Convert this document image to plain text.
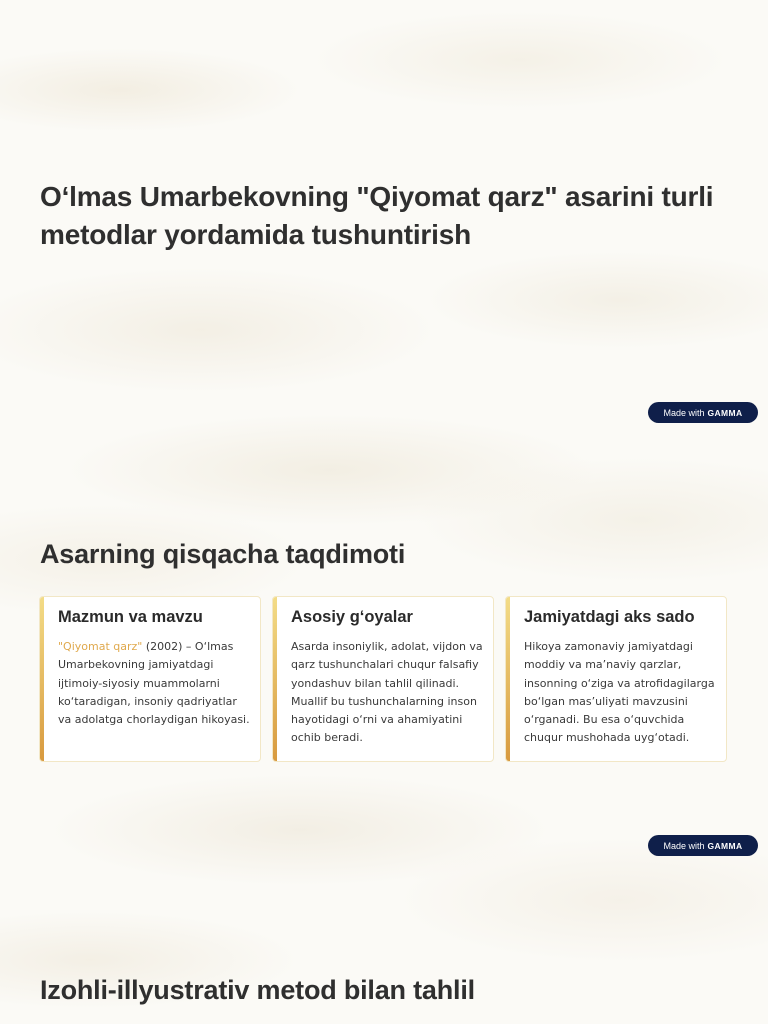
O‘lmas Umarbekovning "Qiyomat qarz" asarini turli metodlar yordamida tushuntirish
Made with GAMMA
Asarning qisqacha taqdimoti
Mazmun va mavzu

"Qiyomat qarz" (2002) – O‘lmas Umarbekovning jamiyatdagi ijtimoiy-siyosiy muammolarni ko‘taradigan, insoniy qadriyatlar va adolatga chorlaydigan hikoyasi.

Asosiy g‘oyalar

Asarda insoniylik, adolat, vijdon va qarz tushunchalari chuqur falsafiy yondashuv bilan tahlil qilinadi. Muallif bu tushunchalarning inson hayotidagi o‘rni va ahamiyatini ochib beradi.

Jamiyatdagi aks sado

Hikoya zamonaviy jamiyatdagi moddiy va ma’naviy qarzlar, insonning o‘ziga va atrofidagilarga bo‘lgan mas’uliyati mavzusini o‘rganadi. Bu esa o‘quvchida chuqur mushohada uyg‘otadi.

Made with GAMMA
Izohli-illyustrativ metod bilan tahlil
